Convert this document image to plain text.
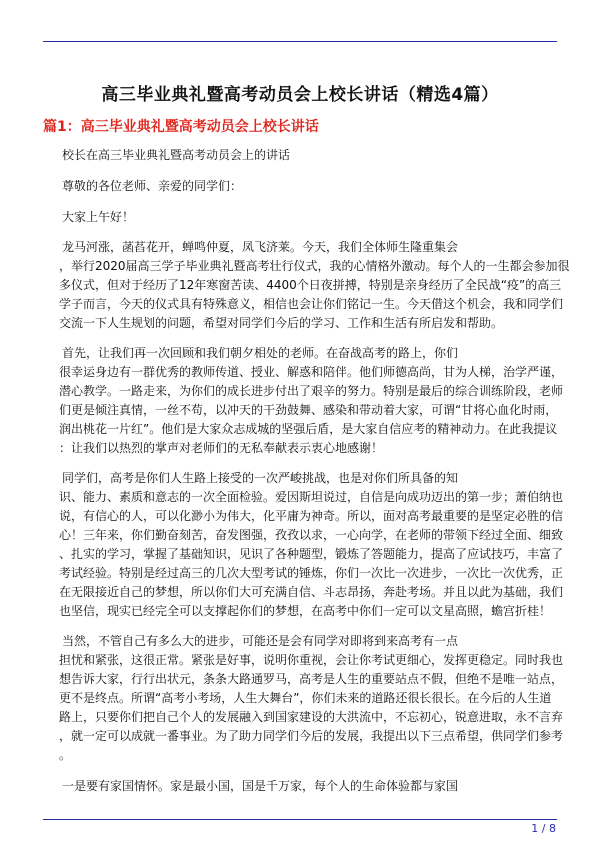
高三毕业典礼暨高考动员会上校长讲话（精选4篇）
篇1：高三毕业典礼暨高考动员会上校长讲话
校长在高三毕业典礼暨高考动员会上的讲话
尊敬的各位老师、亲爱的同学们：
大家上午好！
龙马河涨，菡萏花开，蝉鸣仲夏，凤飞济莱。今天，我们全体师生隆重集会
，举行2020届高三学子毕业典礼暨高考壮行仪式，我的心情格外激动。每个人的一生都会参加很
多仪式，但对于经历了12年寒窗苦读、4400个日夜拼搏，特别是亲身经历了全民战“疫”的高三
学子而言，今天的仪式具有特殊意义，相信也会让你们铭记一生。今天借这个机会，我和同学们
交流一下人生规划的问题，希望对同学们今后的学习、工作和生活有所启发和帮助。
首先，让我们再一次回顾和我们朝夕相处的老师。在奋战高考的路上，你们
很幸运身边有一群优秀的教师传道、授业、解惑和陪伴。他们师德高尚，甘为人梯，治学严谨，
潜心教学。一路走来，为你们的成长进步付出了艰辛的努力。特别是最后的综合训练阶段，老师
们更是倾注真情，一丝不苟，以冲天的干劲鼓舞、感染和带动着大家，可谓“甘将心血化时雨，
润出桃花一片红”。他们是大家众志成城的坚强后盾，是大家自信应考的精神动力。在此我提议
：让我们以热烈的掌声对老师们的无私奉献表示衷心地感谢！
同学们，高考是你们人生路上接受的一次严峻挑战，也是对你们所具备的知
识、能力、素质和意志的一次全面检验。爱因斯坦说过，自信是向成功迈出的第一步；萧伯纳也
说，有信心的人，可以化渺小为伟大，化平庸为神奇。所以，面对高考最重要的是坚定必胜的信
心！三年来，你们勤奋刻苦，奋发图强，孜孜以求，一心向学，在老师的带领下经过全面、细致
、扎实的学习，掌握了基础知识，见识了各种题型，锻炼了答题能力，提高了应试技巧，丰富了
考试经验。特别是经过高三的几次大型考试的锤炼，你们一次比一次进步，一次比一次优秀，正
在无限接近自己的梦想，所以你们大可充满自信、斗志昂扬，奔赴考场。并且以此为基础，我们
也坚信，现实已经完全可以支撑起你们的梦想，在高考中你们一定可以文星高照，蟾宫折桂！
当然，不管自己有多么大的进步，可能还是会有同学对即将到来高考有一点
担忧和紧张，这很正常。紧张是好事，说明你重视，会让你考试更细心，发挥更稳定。同时我也
想告诉大家，行行出状元，条条大路通罗马，高考是人生的重要站点不假，但绝不是唯一站点，
更不是终点。所谓“高考小考场，人生大舞台”，你们未来的道路还很长很长。在今后的人生道
路上，只要你们把自己个人的发展融入到国家建设的大洪流中，不忘初心，锐意进取，永不言弃
，就一定可以成就一番事业。为了助力同学们今后的发展，我提出以下三点希望，供同学们参考
。
一是要有家国情怀。家是最小国，国是千万家，每个人的生命体验都与家国
1 / 8
